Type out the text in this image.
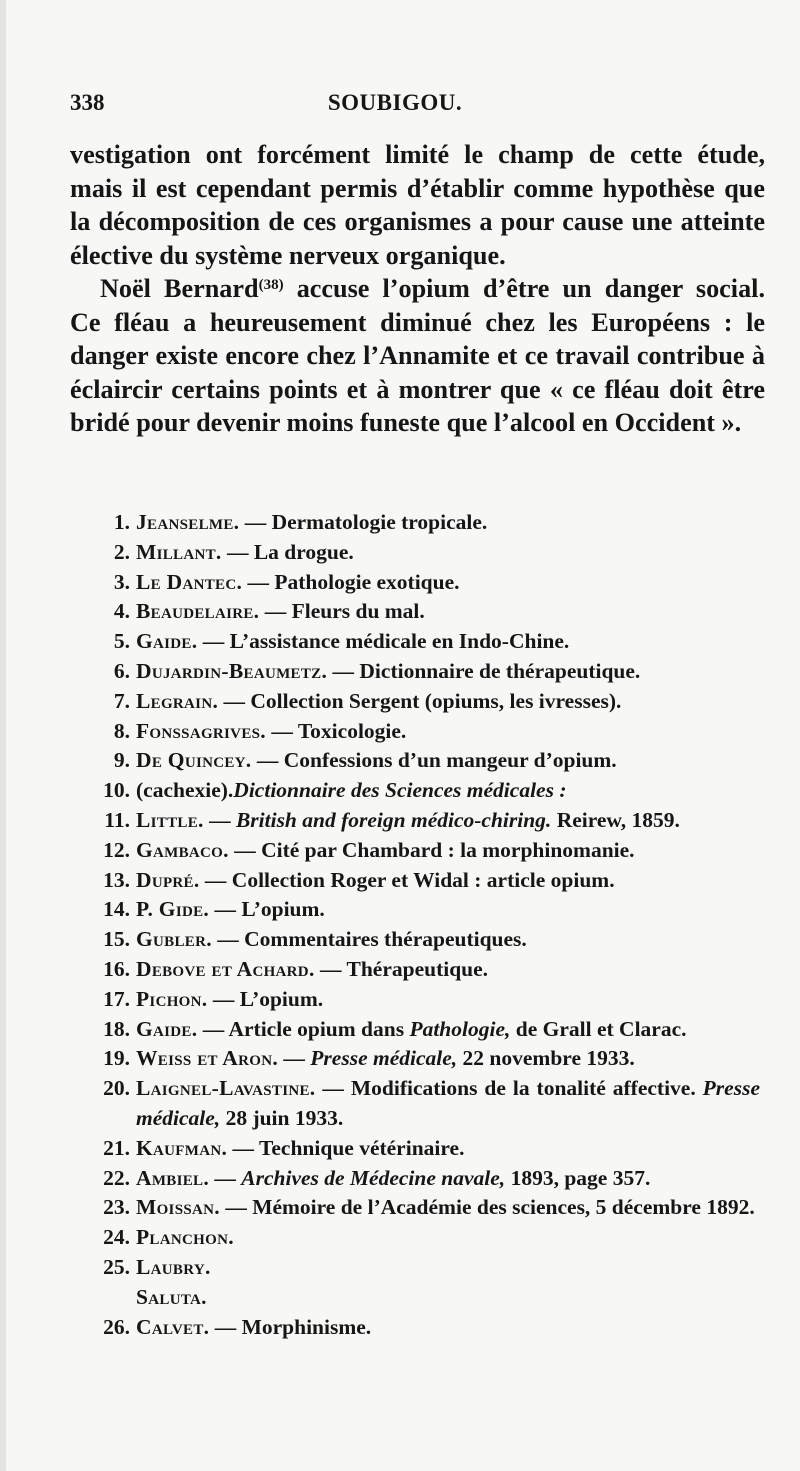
338	SOUBIGOU.

vestigation ont forcément limité le champ de cette étude,

mais il est cependant permis d’établir comme hypothèse que

la décomposition de ces organismes a pour cause une atteinte

élective du système nerveux organique.

Noël Bernard$^{(38)}$ accuse l’opium d’être un danger social.

Ce fléau a heureusement diminué chez les Européens : le

danger existe encore chez l’Annamite et ce travail contribue à

éclaircir certains points et à montrer que « ce fléau doit être

bridé pour devenir moins funeste que l’alcool en Occident ».

1. Jeanselme. — Dermatologie tropicale.
2. Millant. — La drogue.
3. Le Dantec. — Pathologie exotique.
4. Beaudelaire. — Fleurs du mal.
5. Gaide. — L’assistance médicale en Indo-Chine.
6. Dujardin-Beaumetz. — Dictionnaire de thérapeutique.
7. Legrain. — Collection Sergent (opiums, les ivresses).
8. Fonssagrives. — Toxicologie.
9. De Quincey. — Confessions d’un mangeur d’opium.
10. (cachexie).Dictionnaire des Sciences médicales :
11. Little. — British and foreign médico-chiring. Reirew, 1859.
12. Gambaco. — Cité par Chambard : la morphinomanie.
13. Dupré. — Collection Roger et Widal : article opium.
14. P. Gide. — L’opium.
15. Gubler. — Commentaires thérapeutiques.
16. Debove et Achard. — Thérapeutique.
17. Pichon. — L’opium.
18. Gaide. — Article opium dans Pathologie, de Grall et Clarac.
19. Weiss et Aron. — Presse médicale, 22 novembre 1933.
20. Laignel-Lavastine. — Modifications de la tonalité affective. Presse médicale, 28 juin 1933.
21. Kaufman. — Technique vétérinaire.
22. Ambiel. — Archives de Médecine navale, 1893, page 357.
23. Moissan. — Mémoire de l’Académie des sciences, 5 décembre 1892.
24. Planchon.
25. Laubry.
Saluta.
26. Calvet. — Morphinisme.
